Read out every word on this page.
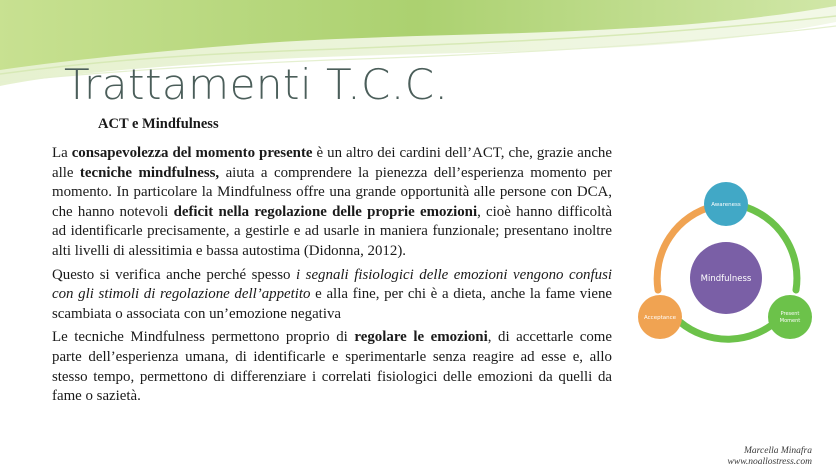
Trattamenti T.C.C.
ACT e Mindfulness

La consapevolezza del momento presente è un altro dei cardini dell’ACT, che, grazie anche alle tecniche mindfulness, aiuta a comprendere la pienezza dell’esperienza momento per momento. In particolare la Mindfulness offre una grande opportunità alle persone con DCA, che hanno notevoli deficit nella regolazione delle proprie emozioni, cioè hanno difficoltà ad identificarle precisamente, a gestirle e ad usarle in maniera funzionale; presentano inoltre alti livelli di alessitimia e bassa autostima (Didonna, 2012).

Questo si verifica anche perché spesso i segnali fisiologici delle emozioni vengono confusi con gli stimoli di regolazione dell’appetito e alla fine, per chi è a dieta, anche la fame viene scambiata o associata con un’emozione negativa

Le tecniche Mindfulness permettono proprio di regolare le emozioni, di accettarle come parte dell’esperienza umana, di identificarle e sperimentarle senza reagire ad esse e, allo stesso tempo, permettono di differenziare i correlati fisiologici delle emozioni da quelli da fame o sazietà.

Mindfulness
Awareness
Present
Moment
Acceptance
Marcella Minafra
www.noallostress.com
